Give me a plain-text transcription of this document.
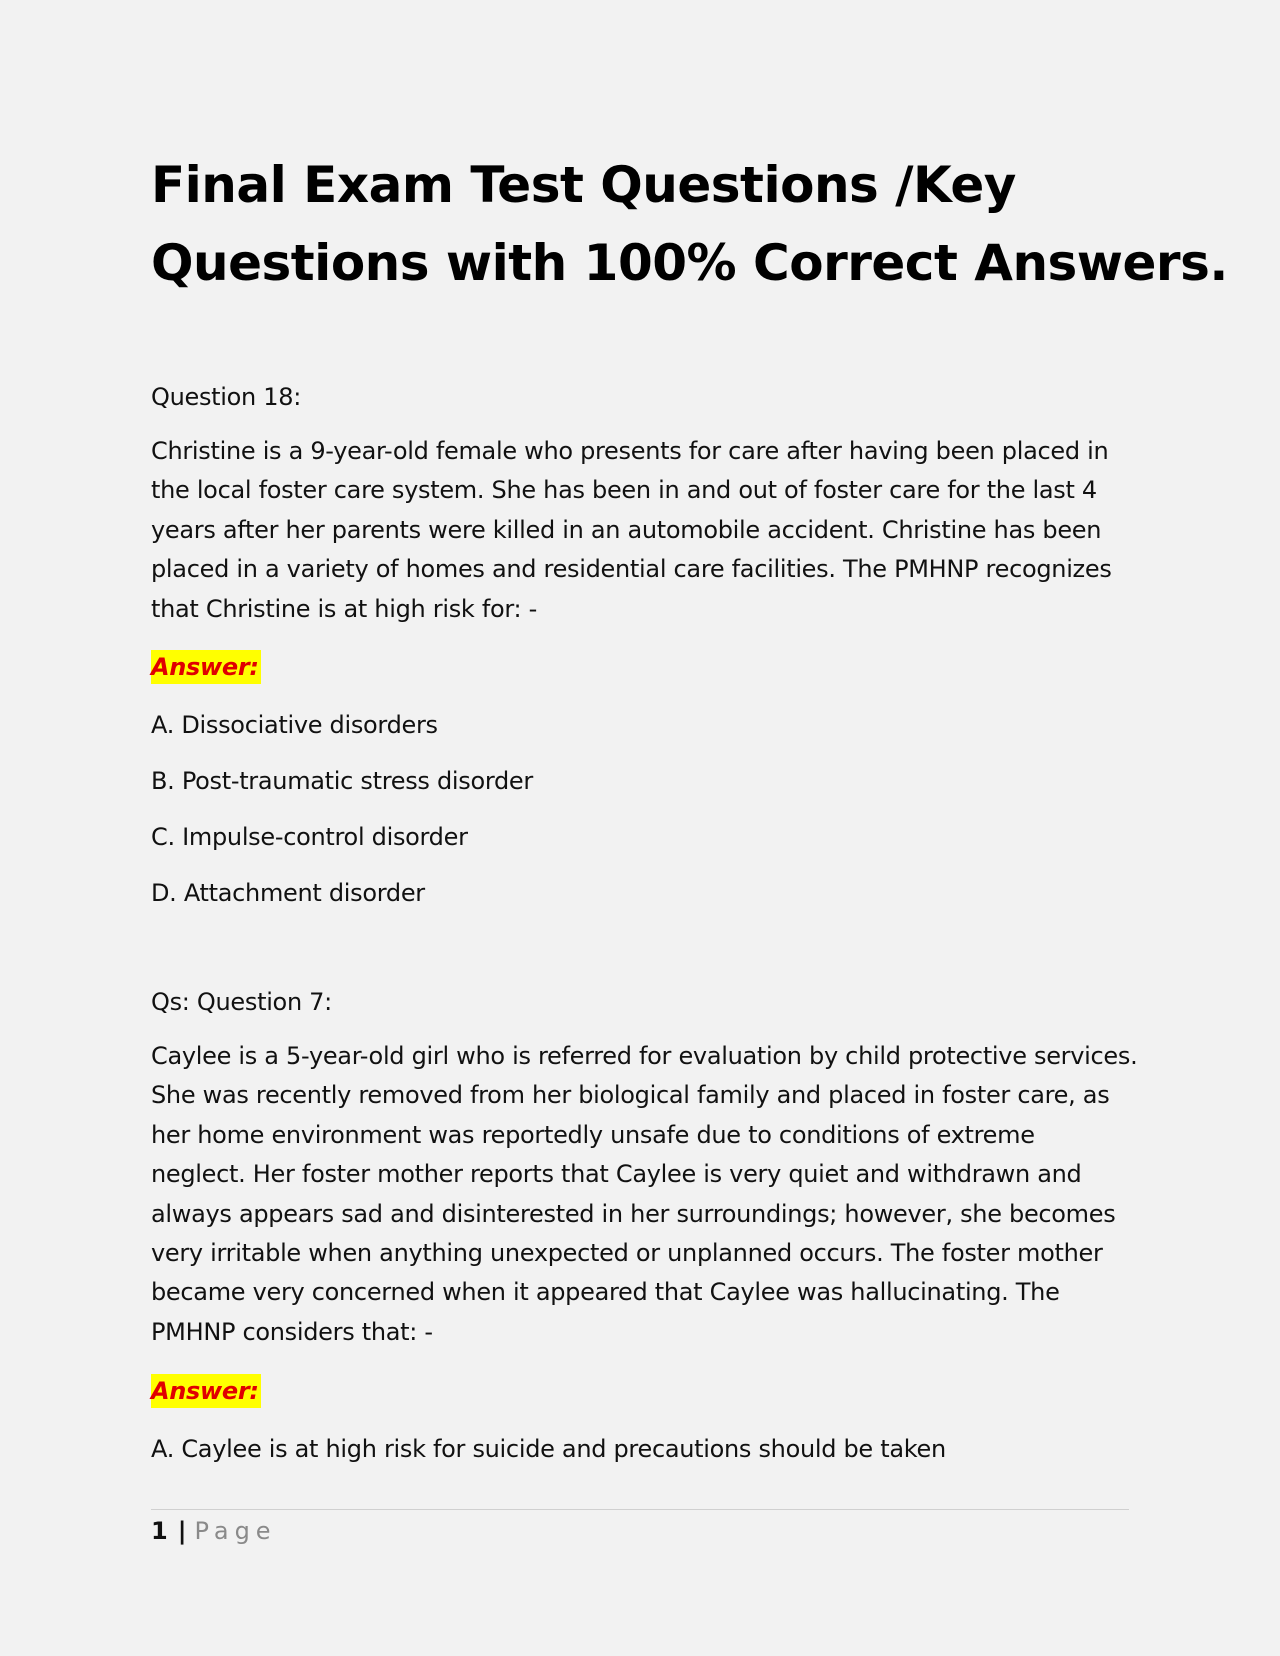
Final Exam Test Questions /Key
Questions with 100% Correct Answers.

Question 18:

Christine is a 9-year-old female who presents for care after having been placed in
the local foster care system. She has been in and out of foster care for the last 4
years after her parents were killed in an automobile accident. Christine has been
placed in a variety of homes and residential care facilities. The PMHNP recognizes
that Christine is at high risk for: -
Answer:

A. Dissociative disorders

B. Post-traumatic stress disorder

C. Impulse-control disorder

D. Attachment disorder

Qs: Question 7:

Caylee is a 5-year-old girl who is referred for evaluation by child protective services.
She was recently removed from her biological family and placed in foster care, as
her home environment was reportedly unsafe due to conditions of extreme
neglect. Her foster mother reports that Caylee is very quiet and withdrawn and
always appears sad and disinterested in her surroundings; however, she becomes
very irritable when anything unexpected or unplanned occurs. The foster mother
became very concerned when it appeared that Caylee was hallucinating. The
PMHNP considers that: -
Answer:

A. Caylee is at high risk for suicide and precautions should be taken

1 | Page
